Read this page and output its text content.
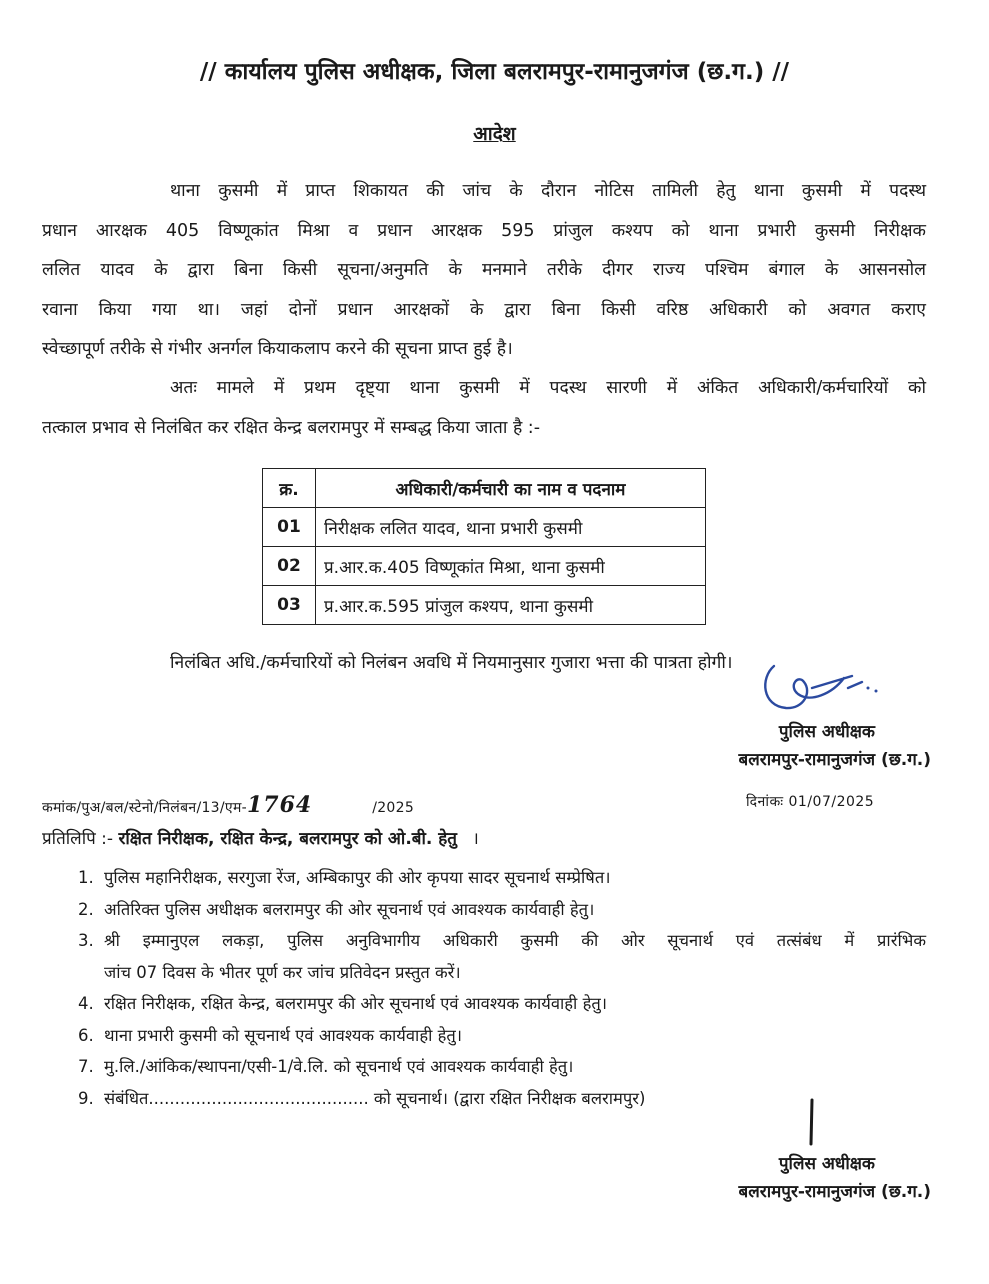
// कार्यालय पुलिस अधीक्षक, जिला बलरामपुर-रामानुजगंज (छ.ग.) //
आदेश
थाना कुसमी में प्राप्त शिकायत की जांच के दौरान नोटिस तामिली हेतु थाना कुसमी में पदस्थ
प्रधान आरक्षक 405 विष्णूकांत मिश्रा व प्रधान आरक्षक 595 प्रांजुल कश्यप को थाना प्रभारी कुसमी निरीक्षक
ललित यादव के द्वारा बिना किसी सूचना/अनुमति के मनमाने तरीके दीगर राज्य पश्चिम बंगाल के आसनसोल
रवाना किया गया था। जहां दोनों प्रधान आरक्षकों के द्वारा बिना किसी वरिष्ठ अधिकारी को अवगत कराए
स्वेच्छापूर्ण तरीके से गंभीर अनर्गल कियाकलाप करने की सूचना प्राप्त हुई है।
अतः मामले में प्रथम दृष्ट्या थाना कुसमी में पदस्थ सारणी में अंकित अधिकारी/कर्मचारियों को
तत्काल प्रभाव से निलंबित कर रक्षित केन्द्र बलरामपुर में सम्बद्ध किया जाता है :-
क्र.	अधिकारी/कर्मचारी का नाम व पदनाम
01	निरीक्षक ललित यादव, थाना प्रभारी कुसमी
02	प्र.आर.क.405 विष्णूकांत मिश्रा, थाना कुसमी
03	प्र.आर.क.595 प्रांजुल कश्यप, थाना कुसमी
निलंबित अधि./कर्मचारियों को निलंबन अवधि में नियमानुसार गुजारा भत्ता की पात्रता होगी।
पुलिस अधीक्षक
बलरामपुर-रामानुजगंज (छ.ग.)
कमांक/पुअ/बल/स्टेनो/निलंबन/13/एम-1764	/2025	दिनांकः 01/07/2025
प्रतिलिपि :- रक्षित निरीक्षक, रक्षित केन्द्र, बलरामपुर को ओ.बी. हेतु ।
1. पुलिस महानिरीक्षक, सरगुजा रेंज, अम्बिकापुर की ओर कृपया सादर सूचनार्थ सम्प्रेषित।
2. अतिरिक्त पुलिस अधीक्षक बलरामपुर की ओर सूचनार्थ एवं आवश्यक कार्यवाही हेतु।
3. श्री इम्मानुएल लकड़ा, पुलिस अनुविभागीय अधिकारी कुसमी की ओर सूचनार्थ एवं तत्संबंध में प्रारंभिक
जांच 07 दिवस के भीतर पूर्ण कर जांच प्रतिवेदन प्रस्तुत करें।
4. रक्षित निरीक्षक, रक्षित केन्द्र, बलरामपुर की ओर सूचनार्थ एवं आवश्यक कार्यवाही हेतु।
6. थाना प्रभारी कुसमी को सूचनार्थ एवं आवश्यक कार्यवाही हेतु।
7. मु.लि./आंकिक/स्थापना/एसी-1/वे.लि. को सूचनार्थ एवं आवश्यक कार्यवाही हेतु।
9. संबंधित.......................................... को सूचनार्थ। (द्वारा रक्षित निरीक्षक बलरामपुर)
पुलिस अधीक्षक
बलरामपुर-रामानुजगंज (छ.ग.)
